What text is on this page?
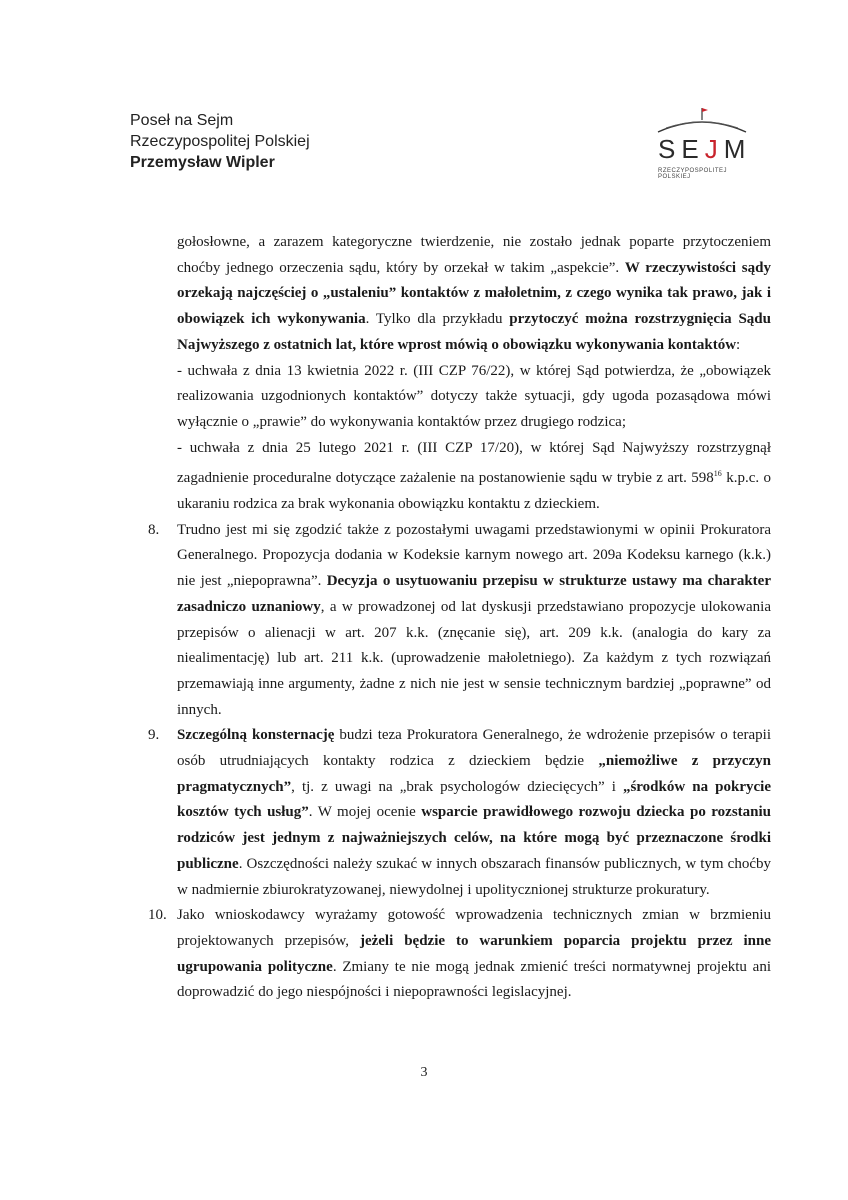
Poseł na Sejm
Rzeczypospolitej Polskiej
Przemysław Wipler	SEJM
RZECZYPOSPOLITEJ POLSKIEJ

gołosłowne, a zarazem kategoryczne twierdzenie, nie zostało jednak poparte przytoczeniem choćby jednego orzeczenia sądu, który by orzekał w takim „aspekcie”. W rzeczywistości sądy orzekają najczęściej o „ustaleniu” kontaktów z małoletnim, z czego wynika tak prawo, jak i obowiązek ich wykonywania. Tylko dla przykładu przytoczyć można rozstrzygnięcia Sądu Najwyższego z ostatnich lat, które wprost mówią o obowiązku wykonywania kontaktów:

- uchwała z dnia 13 kwietnia 2022 r. (III CZP 76/22), w której Sąd potwierdza, że „obowiązek realizowania uzgodnionych kontaktów” dotyczy także sytuacji, gdy ugoda pozasądowa mówi wyłącznie o „prawie” do wykonywania kontaktów przez drugiego rodzica;

- uchwała z dnia 25 lutego 2021 r. (III CZP 17/20), w której Sąd Najwyższy rozstrzygnął zagadnienie proceduralne dotyczące zażalenie na postanowienie sądu w trybie z art. $598^{16}$ k.p.c. o ukaraniu rodzica za brak wykonania obowiązku kontaktu z dzieckiem.

8. Trudno jest mi się zgodzić także z pozostałymi uwagami przedstawionymi w opinii Prokuratora Generalnego. Propozycja dodania w Kodeksie karnym nowego art. 209a Kodeksu karnego (k.k.) nie jest „niepoprawna”. Decyzja o usytuowaniu przepisu w strukturze ustawy ma charakter zasadniczo uznaniowy, a w prowadzonej od lat dyskusji przedstawiano propozycje ulokowania przepisów o alienacji w art. 207 k.k. (znęcanie się), art. 209 k.k. (analogia do kary za niealimentację) lub art. 211 k.k. (uprowadzenie małoletniego). Za każdym z tych rozwiązań przemawiają inne argumenty, żadne z nich nie jest w sensie technicznym bardziej „poprawne” od innych.

9. Szczególną konsternację budzi teza Prokuratora Generalnego, że wdrożenie przepisów o terapii osób utrudniających kontakty rodzica z dzieckiem będzie „niemożliwe z przyczyn pragmatycznych”, tj. z uwagi na „brak psychologów dziecięcych” i „środków na pokrycie kosztów tych usług”. W mojej ocenie wsparcie prawidłowego rozwoju dziecka po rozstaniu rodziców jest jednym z najważniejszych celów, na które mogą być przeznaczone środki publiczne. Oszczędności należy szukać w innych obszarach finansów publicznych, w tym choćby w nadmiernie zbiurokratyzowanej, niewydolnej i upolitycznionej strukturze prokuratury.

10. Jako wnioskodawcy wyrażamy gotowość wprowadzenia technicznych zmian w brzmieniu projektowanych przepisów, jeżeli będzie to warunkiem poparcia projektu przez inne ugrupowania polityczne. Zmiany te nie mogą jednak zmienić treści normatywnej projektu ani doprowadzić do jego niespójności i niepoprawności legislacyjnej.

3
